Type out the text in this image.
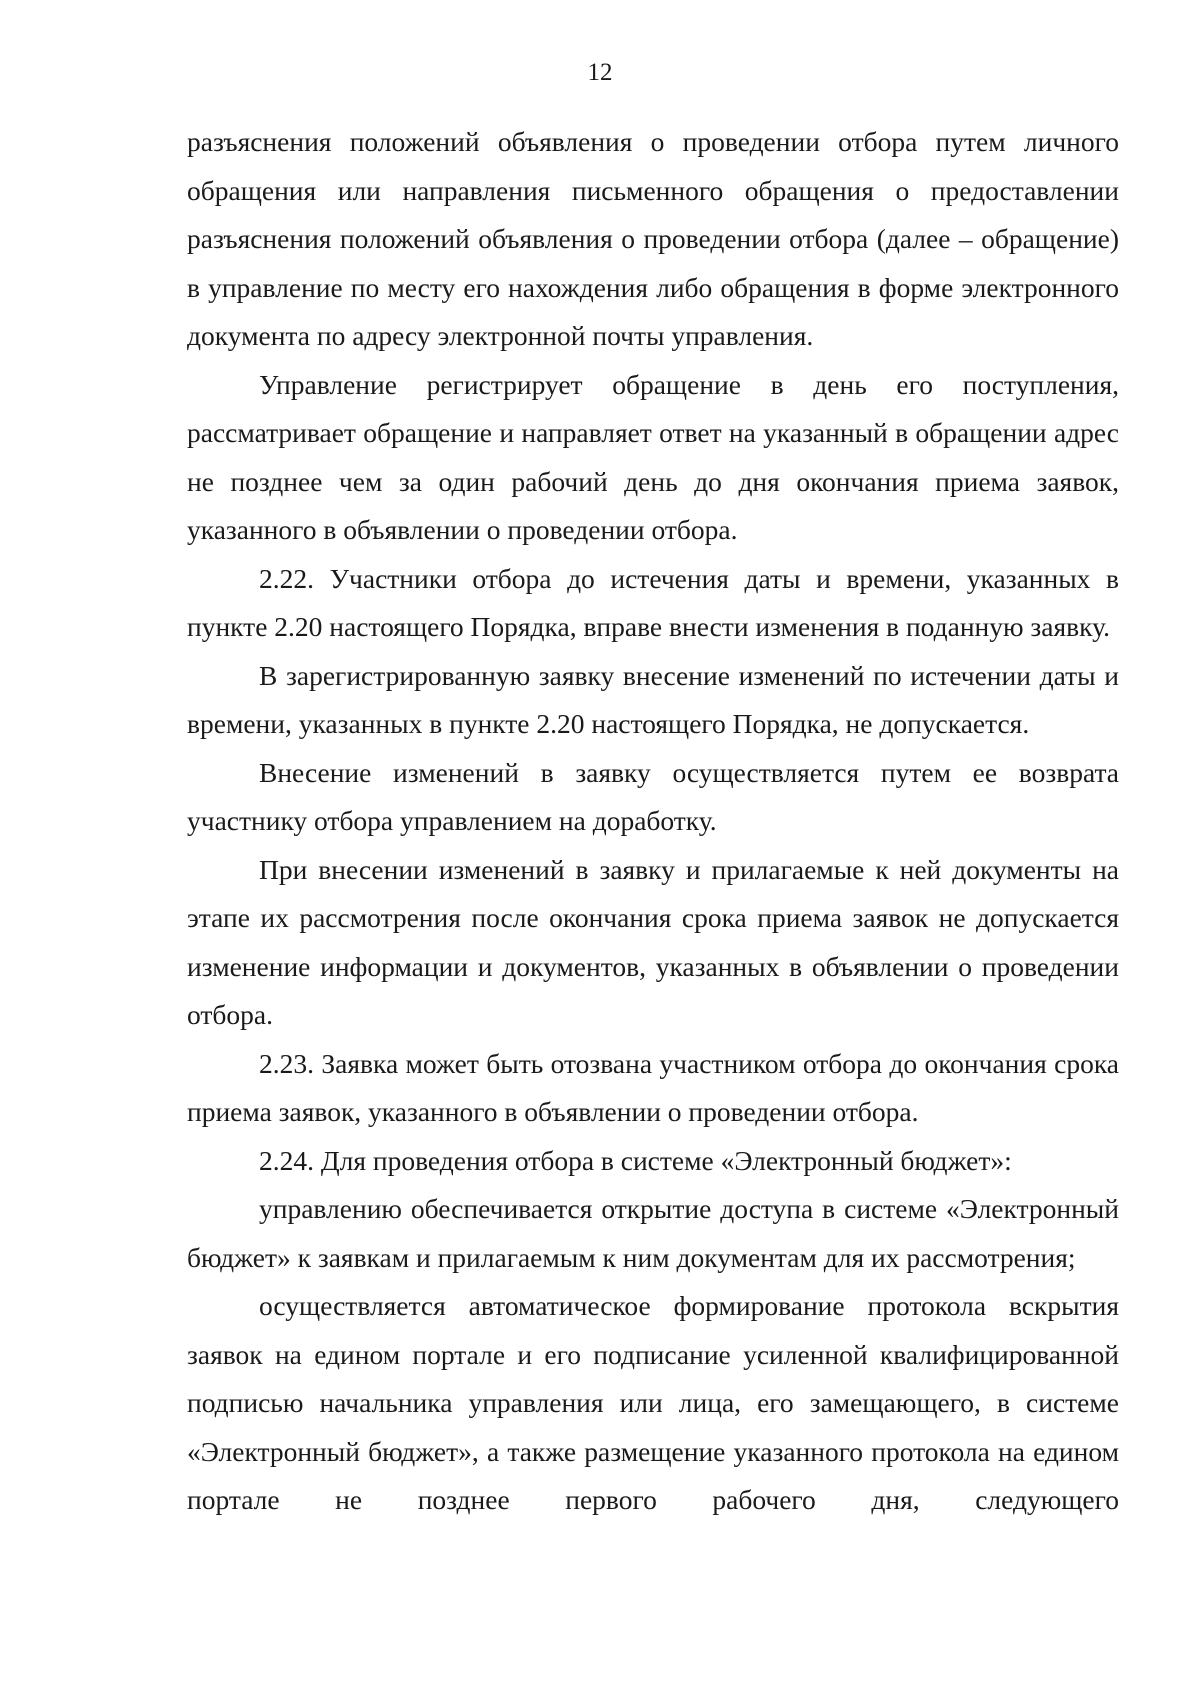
12

разъяснения положений объявления о проведении отбора путем личного обращения или направления письменного обращения о предоставлении разъяснения положений объявления о проведении отбора (далее – обращение) в управление по месту его нахождения либо обращения в форме электронного документа по адресу электронной почты управления.

Управление регистрирует обращение в день его поступления, рассматривает обращение и направляет ответ на указанный в обращении адрес не позднее чем за один рабочий день до дня окончания приема заявок, указанного в объявлении о проведении отбора.

2.22. Участники отбора до истечения даты и времени, указанных в пункте 2.20 настоящего Порядка, вправе внести изменения в поданную заявку.

В зарегистрированную заявку внесение изменений по истечении даты и времени, указанных в пункте 2.20 настоящего Порядка, не допускается.

Внесение изменений в заявку осуществляется путем ее возврата участнику отбора управлением на доработку.

При внесении изменений в заявку и прилагаемые к ней документы на этапе их рассмотрения после окончания срока приема заявок не допускается изменение информации и документов, указанных в объявлении о проведении отбора.

2.23. Заявка может быть отозвана участником отбора до окончания срока приема заявок, указанного в объявлении о проведении отбора.

2.24. Для проведения отбора в системе «Электронный бюджет»:

управлению обеспечивается открытие доступа в системе «Электронный бюджет» к заявкам и прилагаемым к ним документам для их рассмотрения;

осуществляется автоматическое формирование протокола вскрытия заявок на едином портале и его подписание усиленной квалифицированной подписью начальника управления или лица, его замещающего, в системе «Электронный бюджет», а также размещение указанного протокола на едином портале не позднее первого рабочего дня, следующего
